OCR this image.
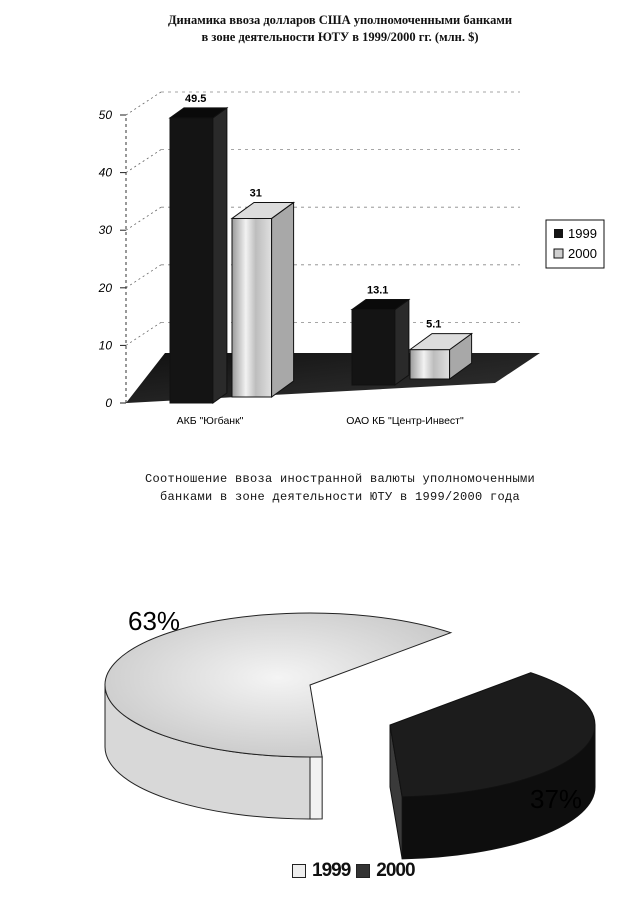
Динамика ввоза долларов США уполномоченными банками
в зоне деятельности ЮТУ в 1999/2000 гг. (млн. $)
0
10
20
30
40
50
49.5
31
13.1
5.1
АКБ "Югбанк"	ОАО КБ "Центр-Инвест"
1999
2000
Соотношение ввоза иностранной валюты уполномоченными
банками в зоне деятельности ЮТУ в 1999/2000 года
63%
37%
1999 2000
